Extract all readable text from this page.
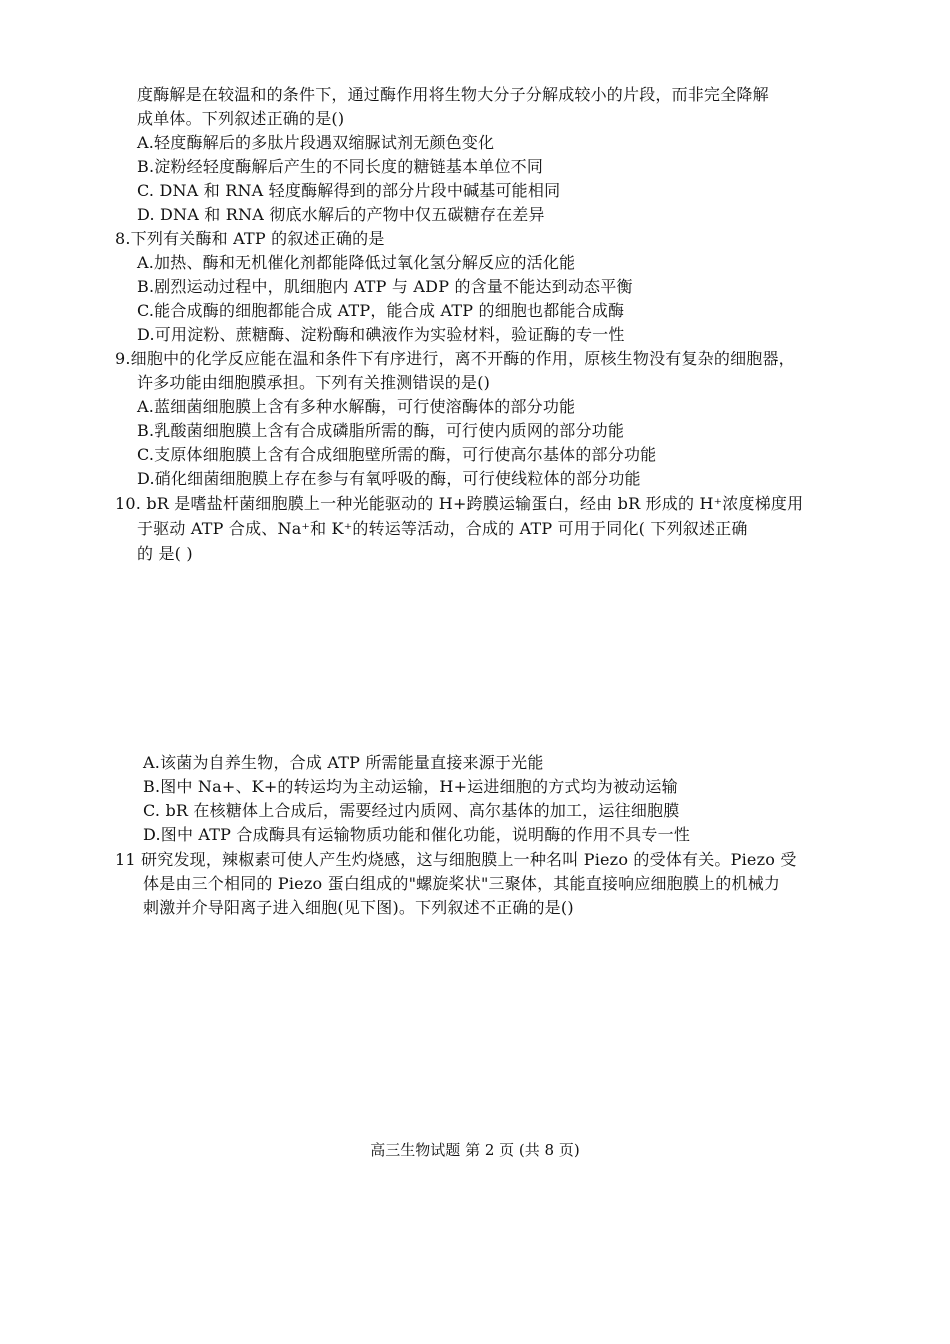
度酶解是在较温和的条件下，通过酶作用将生物大分子分解成较小的片段，而非完全降解
成单体。下列叙述正确的是()
A.轻度酶解后的多肽片段遇双缩脲试剂无颜色变化
B.淀粉经轻度酶解后产生的不同长度的糖链基本单位不同
C. DNA 和 RNA 轻度酶解得到的部分片段中碱基可能相同
D. DNA 和 RNA 彻底水解后的产物中仅五碳糖存在差异
8.下列有关酶和 ATP 的叙述正确的是
A.加热、酶和无机催化剂都能降低过氧化氢分解反应的活化能
B.剧烈运动过程中，肌细胞内 ATP 与 ADP 的含量不能达到动态平衡
C.能合成酶的细胞都能合成 ATP，能合成 ATP 的细胞也都能合成酶
D.可用淀粉、蔗糖酶、淀粉酶和碘液作为实验材料，验证酶的专一性
9.细胞中的化学反应能在温和条件下有序进行，离不开酶的作用，原核生物没有复杂的细胞器，
许多功能由细胞膜承担。下列有关推测错误的是()
A.蓝细菌细胞膜上含有多种水解酶，可行使溶酶体的部分功能
B.乳酸菌细胞膜上含有合成磷脂所需的酶，可行使内质网的部分功能
C.支原体细胞膜上含有合成细胞壁所需的酶，可行使高尔基体的部分功能
D.硝化细菌细胞膜上存在参与有氧呼吸的酶，可行使线粒体的部分功能
10. bR 是嗜盐杆菌细胞膜上一种光能驱动的 H+跨膜运输蛋白，经由 bR 形成的 H⁺浓度梯度用
于驱动 ATP 合成、Na⁺和 K⁺的转运等活动，合成的 ATP 可用于同化( 下列叙述正确
的 是( )
A.该菌为自养生物，合成 ATP 所需能量直接来源于光能
B.图中 Na+、K+的转运均为主动运输，H+运进细胞的方式均为被动运输
C. bR 在核糖体上合成后，需要经过内质网、高尔基体的加工，运往细胞膜
D.图中 ATP 合成酶具有运输物质功能和催化功能，说明酶的作用不具专一性
11 研究发现，辣椒素可使人产生灼烧感，这与细胞膜上一种名叫 Piezo 的受体有关。Piezo 受
体是由三个相同的 Piezo 蛋白组成的"螺旋桨状"三聚体，其能直接响应细胞膜上的机械力
刺激并介导阳离子进入细胞(见下图)。下列叙述不正确的是()
高三生物试题 第 2 页 (共 8 页)
